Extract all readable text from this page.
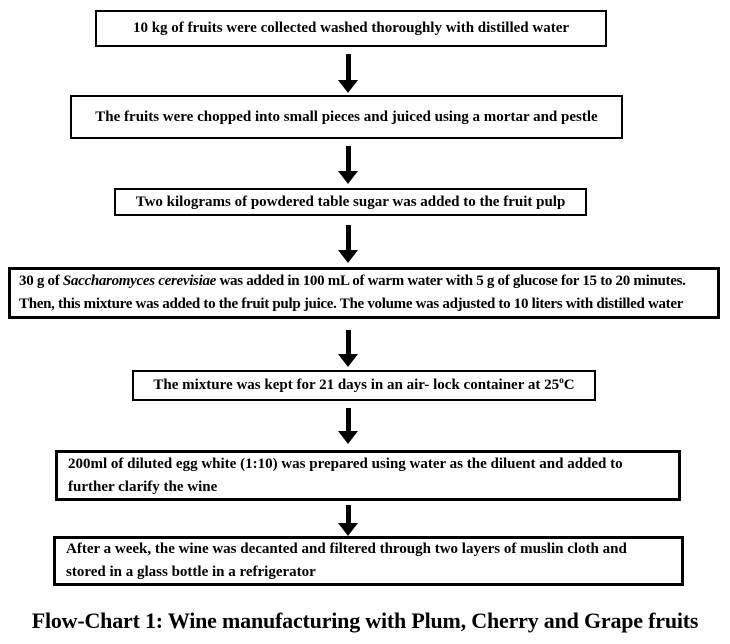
10 kg of fruits were collected washed thoroughly with distilled water
The fruits were chopped into small pieces and juiced using a mortar and pestle
Two kilograms of powdered table sugar was added to the fruit pulp
30 g of Saccharomyces cerevisiae was added in 100 mL of warm water with 5 g of glucose for 15 to 20 minutes.
Then, this mixture was added to the fruit pulp juice. The volume was adjusted to 10 liters with distilled water
The mixture was kept for 21 days in an air- lock container at 25$^o$C
200ml of diluted egg white (1:10) was prepared using water as the diluent and added to
further clarify the wine
After a week, the wine was decanted and filtered through two layers of muslin cloth and
stored in a glass bottle in a refrigerator
Flow-Chart 1: Wine manufacturing with Plum, Cherry and Grape fruits
